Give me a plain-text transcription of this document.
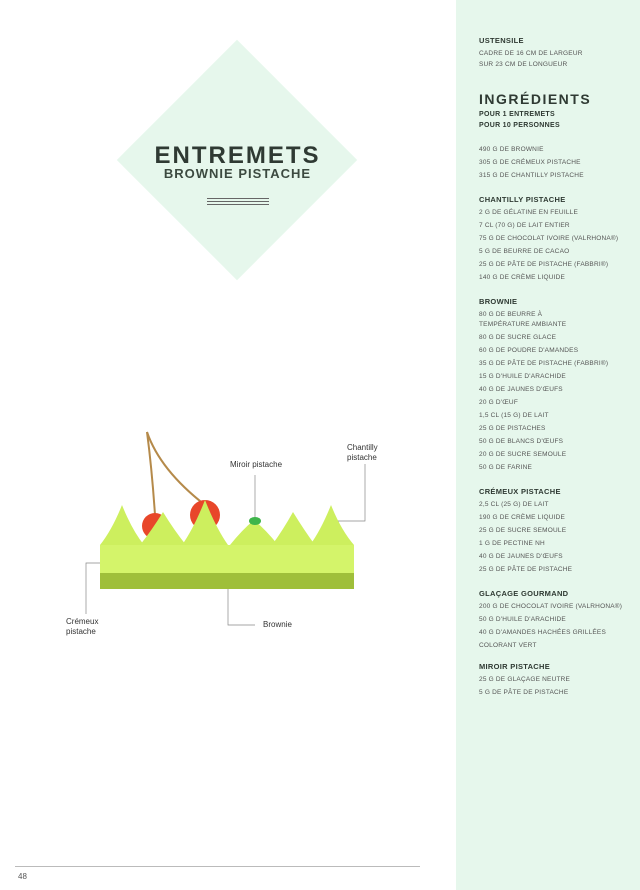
ENTREMETS
BROWNIE PISTACHE
Chantilly
pistache
Miroir pistache
Crémeux
pistache
Brownie
48
USTENSILE
CADRE DE 16 CM DE LARGEUR
SUR 23 CM DE LONGUEUR
INGRÉDIENTS
POUR 1 ENTREMETS
POUR 10 PERSONNES
490 G DE BROWNIE
305 G DE CRÉMEUX PISTACHE
315 G DE CHANTILLY PISTACHE
CHANTILLY PISTACHE
2 G DE GÉLATINE EN FEUILLE
7 CL (70 G) DE LAIT ENTIER
75 G DE CHOCOLAT IVOIRE (VALRHONA®)
5 G DE BEURRE DE CACAO
25 G DE PÂTE DE PISTACHE (FABBRI®)
140 G DE CRÈME LIQUIDE
BROWNIE
80 G DE BEURRE À
TEMPÉRATURE AMBIANTE
80 G DE SUCRE GLACE
60 G DE POUDRE D'AMANDES
35 G DE PÂTE DE PISTACHE (FABBRI®)
15 G D'HUILE D'ARACHIDE
40 G DE JAUNES D'ŒUFS
20 G D'ŒUF
1,5 CL (15 G) DE LAIT
25 G DE PISTACHES
50 G DE BLANCS D'ŒUFS
20 G DE SUCRE SEMOULE
50 G DE FARINE
CRÉMEUX PISTACHE
2,5 CL (25 G) DE LAIT
190 G DE CRÈME LIQUIDE
25 G DE SUCRE SEMOULE
1 G DE PECTINE NH
40 G DE JAUNES D'ŒUFS
25 G DE PÂTE DE PISTACHE
GLAÇAGE GOURMAND
200 G DE CHOCOLAT IVOIRE (VALRHONA®)
50 G D'HUILE D'ARACHIDE
40 G D'AMANDES HACHÉES GRILLÉES
COLORANT VERT
MIROIR PISTACHE
25 G DE GLAÇAGE NEUTRE
5 G DE PÂTE DE PISTACHE
